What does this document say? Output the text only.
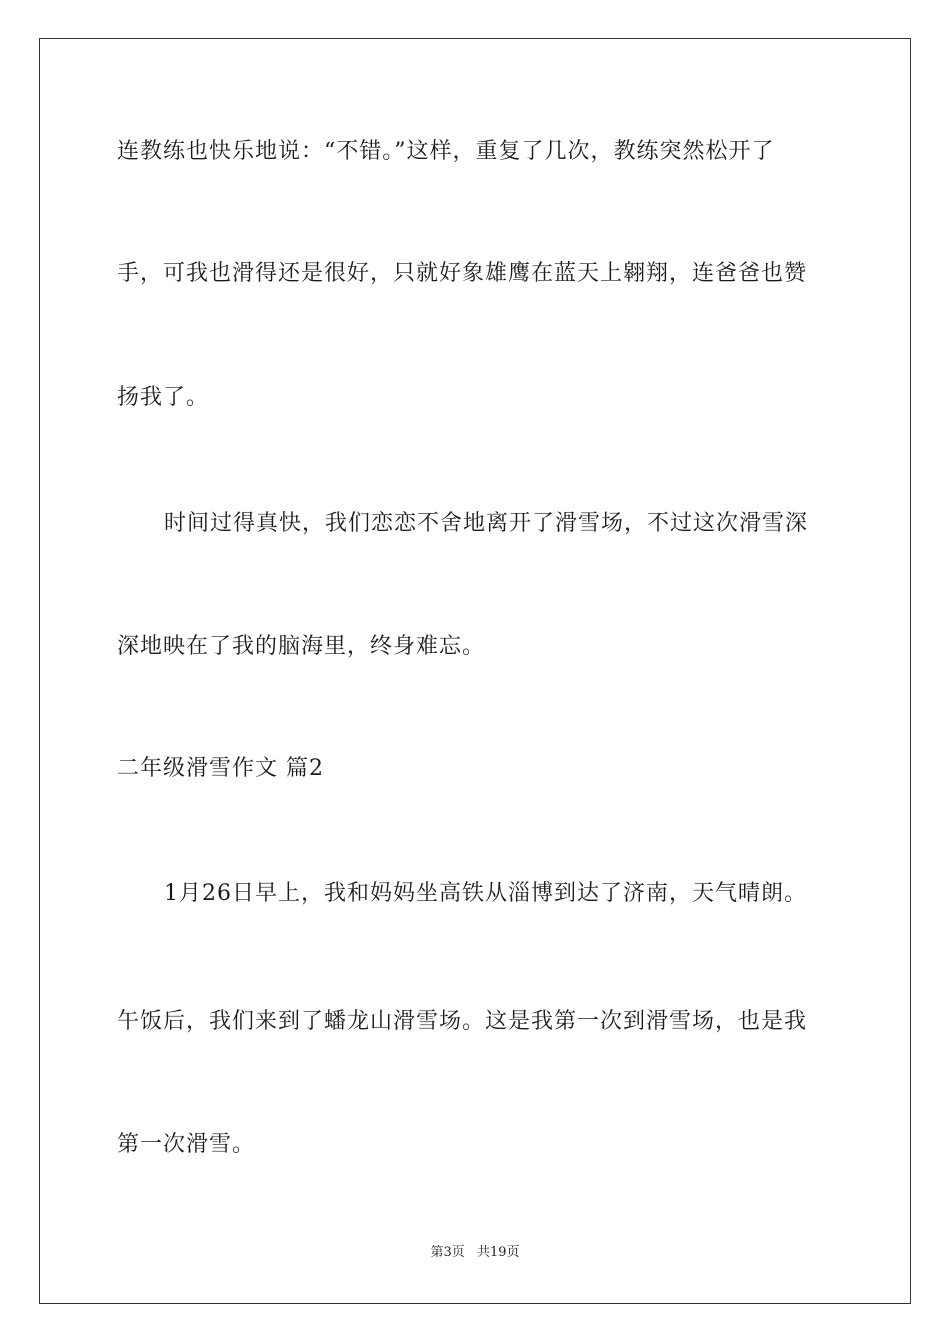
连教练也快乐地说：“不错。”这样，重复了几次，教练突然松开了
手，可我也滑得还是很好，只就好象雄鹰在蓝天上翱翔，连爸爸也赞
扬我了。
时间过得真快，我们恋恋不舍地离开了滑雪场，不过这次滑雪深
深地映在了我的脑海里，终身难忘。
二年级滑雪作文 篇2
1月26日早上，我和妈妈坐高铁从淄博到达了济南，天气晴朗。
午饭后，我们来到了蟠龙山滑雪场。这是我第一次到滑雪场，也是我
第一次滑雪。
第3页 共19页
